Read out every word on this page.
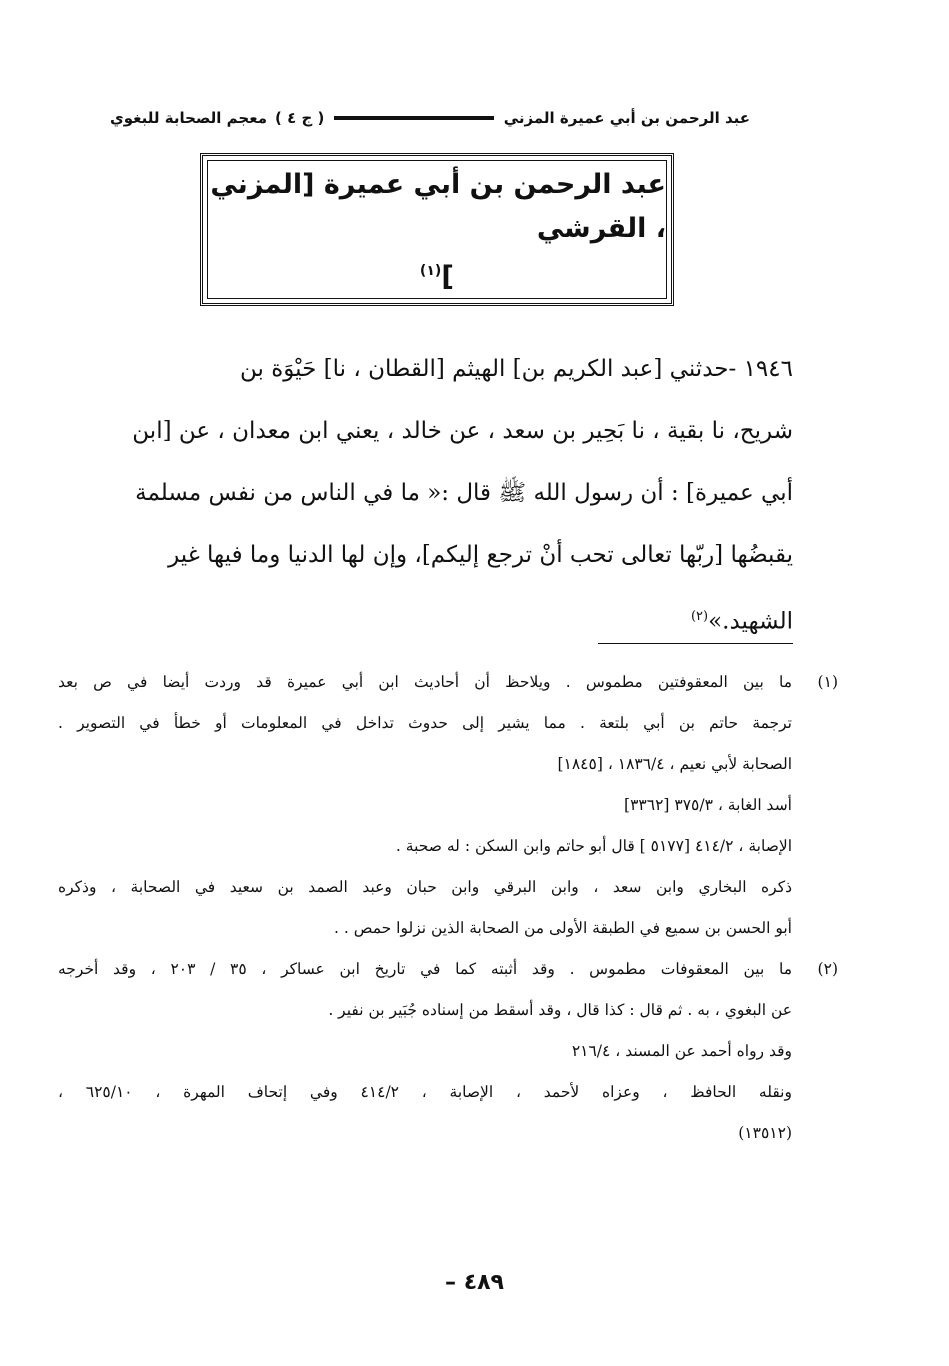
عبد الرحمن بن أبي عميرة المزني
( ج ٤ )
معجم الصحابة للبغوي
عبد الرحمن بن أبي عميرة [المزني ، القرشي
]$^{(١)}$

١٩٤٦ -حدثني [عبد الكريم بن] الهيثم [القطان ، نا] حَيْوَة بن

شريح، نا بقية ، نا بَحِير بن سعد ، عن خالد ، يعني ابن معدان ، عن [ابن

أبي عميرة] : أن رسول الله ﷺ قال :« ما في الناس من نفس مسلمة

يقبضُها [ربّها تعالى تحب أنْ ترجع إليكم]، وإن لها الدنيا وما فيها غير

الشهيد.»$^{(٢)}$

(١)

ما بين المعقوفتين مطموس . ويلاحظ أن أحاديث ابن أبي عميرة قد وردت أيضا في ص بعد

ترجمة حاتم بن أبي بلتعة . مما يشير إلى حدوث تداخل في المعلومات أو خطأ في التصوير .

الصحابة لأبي نعيم ، ١٨٣٦/٤ ، [١٨٤٥]

أسد الغابة ، ٣٧٥/٣ [٣٣٦٢]

الإصابة ، ٤١٤/٢ [٥١٧٧ ] قال أبو حاتم وابن السكن : له صحبة .

ذكره البخاري وابن سعد ، وابن البرقي وابن حبان وعبد الصمد بن سعيد في الصحابة ، وذكره

أبو الحسن بن سميع في الطبقة الأولى من الصحابة الذين نزلوا حمص . .

(٢)

ما بين المعقوفات مطموس . وقد أثبته كما في تاريخ ابن عساكر ، ٣٥ / ٢٠٣ ، وقد أخرجه

عن البغوي ، به . ثم قال : كذا قال ، وقد أسقط من إسناده جُبَير بن نفير .

وقد رواه أحمد عن المسند ، ٢١٦/٤

ونقله الحافظ ، وعزاه لأحمد ، الإصابة ، ٤١٤/٢ وفي إتحاف المهرة ، ٦٢٥/١٠ ،

(١٣٥١٢)

٤٨٩ –
